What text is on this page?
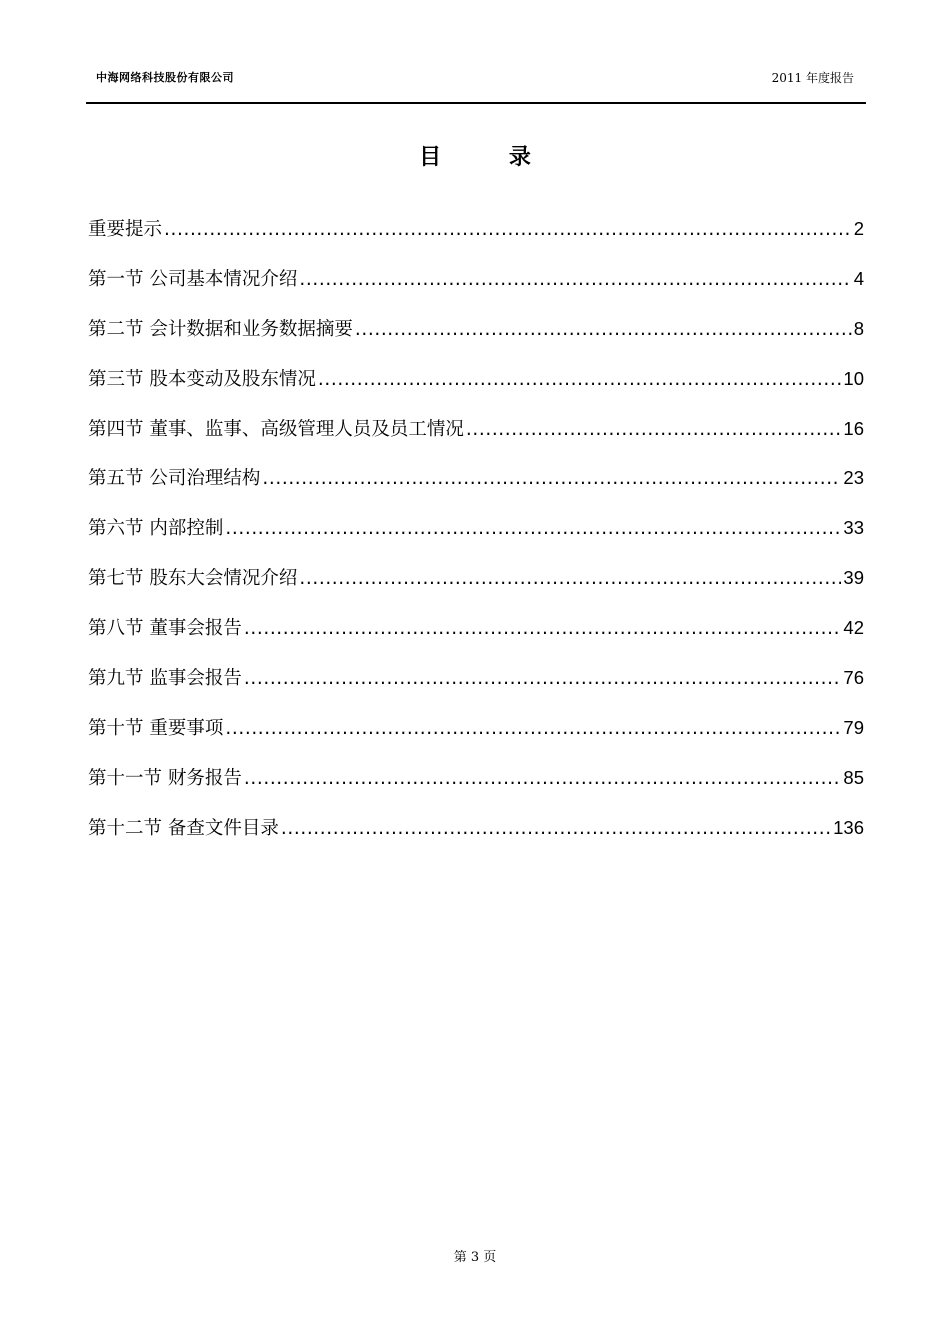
中海网络科技股份有限公司	2011 年度报告
目 录
重要提示 .....	2
第一节 公司基本情况介绍 .....	4
第二节 会计数据和业务数据摘要 .....	8
第三节 股本变动及股东情况 .....	10
第四节 董事、监事、高级管理人员及员工情况 .....	16
第五节 公司治理结构 .....	23
第六节 内部控制 .....	33
第七节 股东大会情况介绍 .....	39
第八节 董事会报告 .....	42
第九节 监事会报告 .....	76
第十节 重要事项 .....	79
第十一节 财务报告 .....	85
第十二节 备查文件目录 .....	136
第 3 页
